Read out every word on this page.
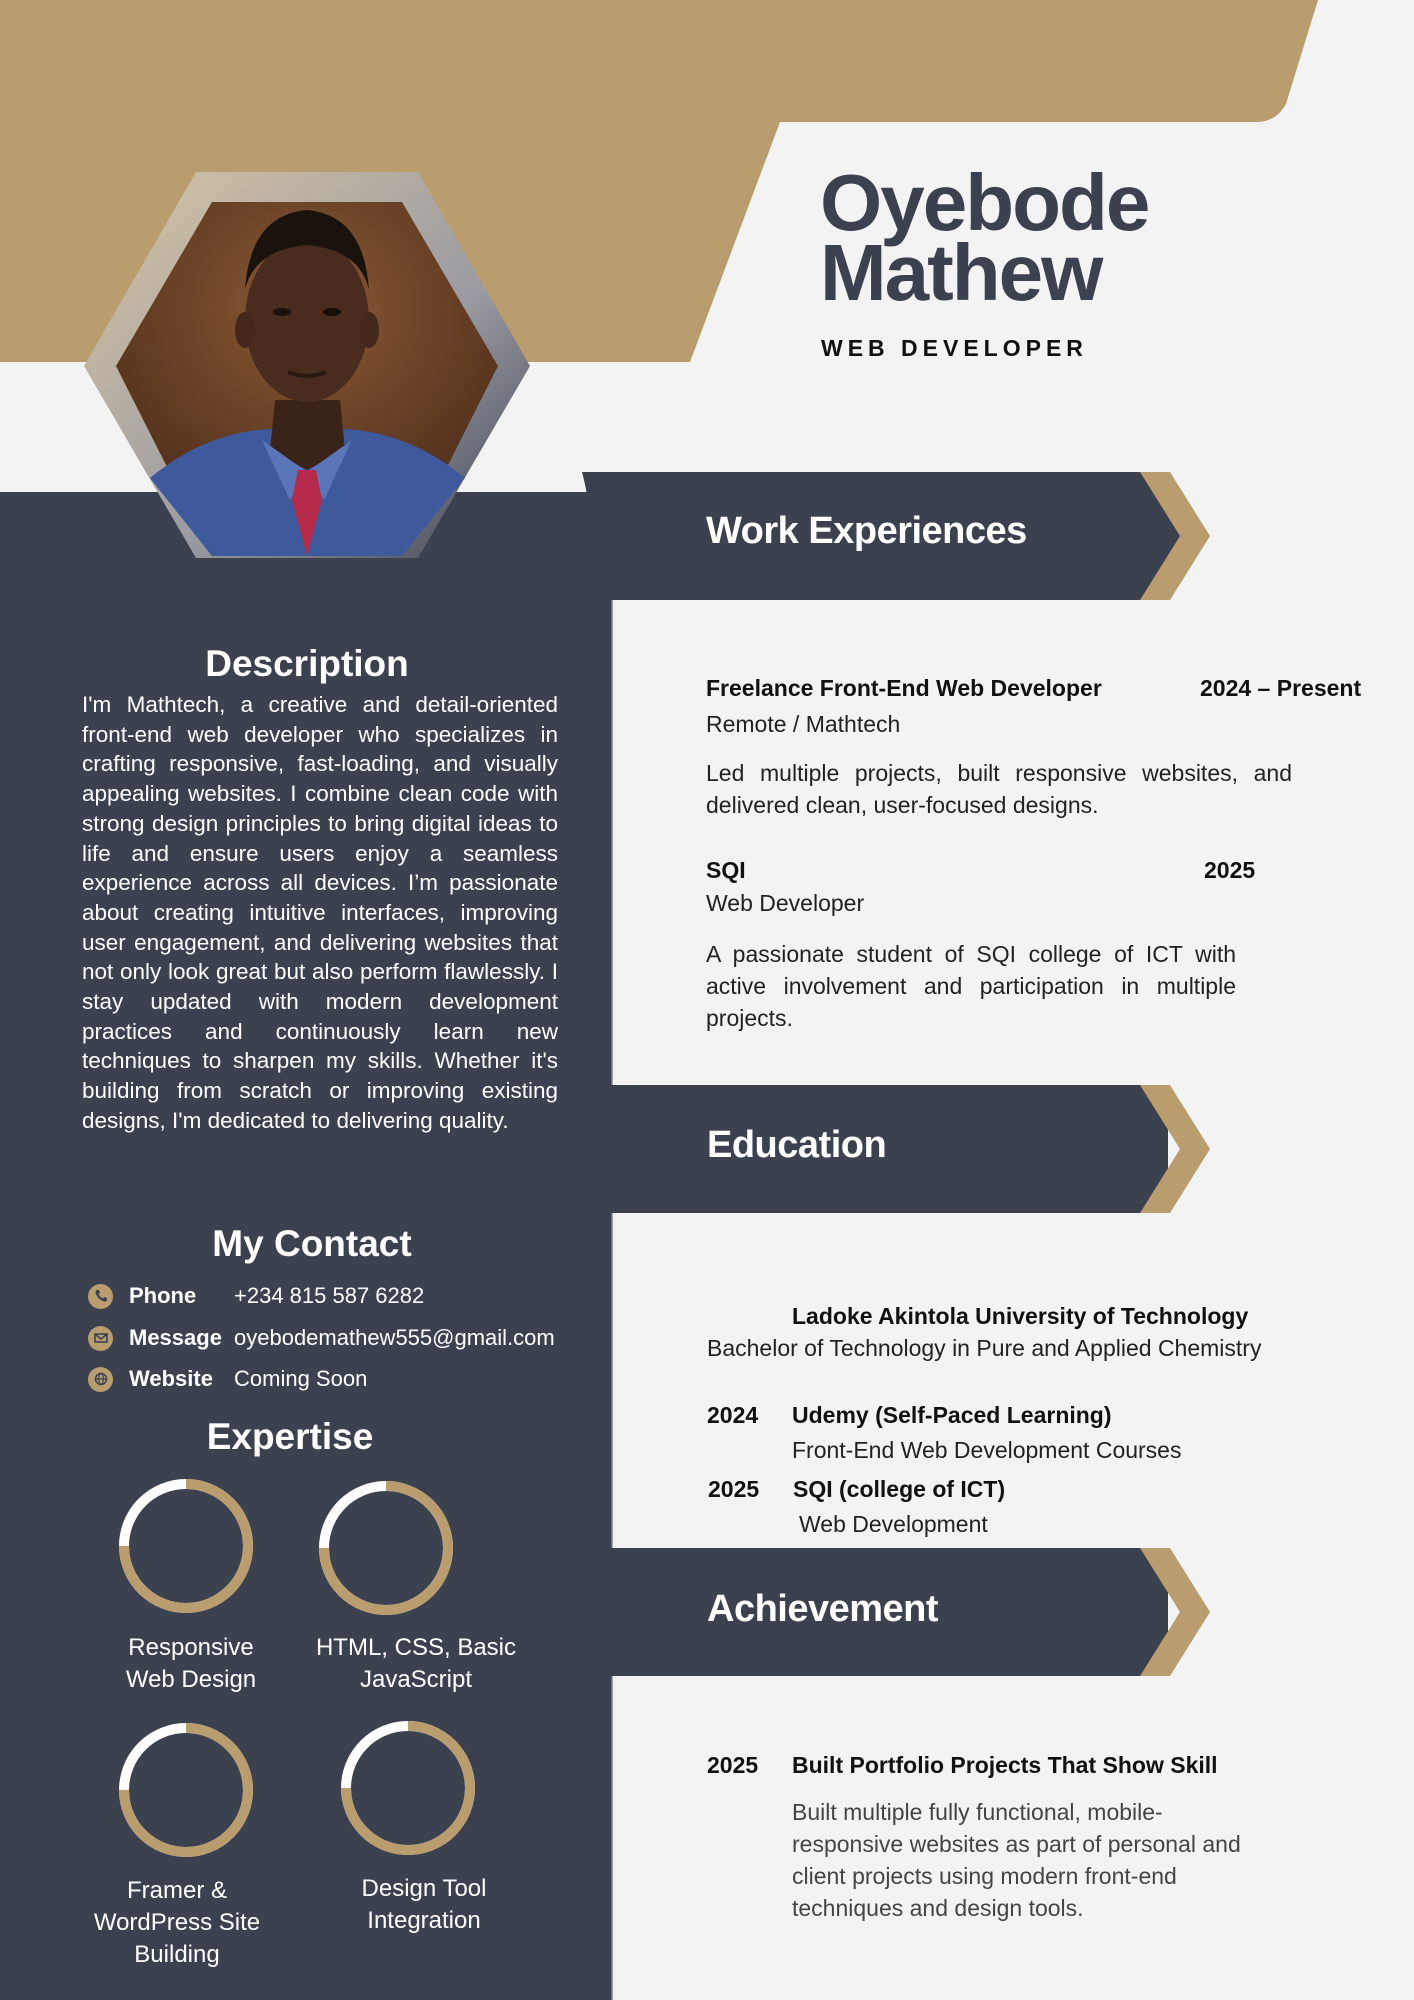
Oyebode
Mathew
WEB DEVELOPER
Description
I'm Mathtech, a creative and detail-oriented front-end web developer who specializes in crafting responsive, fast-loading, and visually appealing websites. I combine clean code with strong design principles to bring digital ideas to life and ensure users enjoy a seamless experience across all devices. I’m passionate about creating intuitive interfaces, improving user engagement, and delivering websites that not only look great but also perform flawlessly. I stay updated with modern development practices and continuously learn new techniques to sharpen my skills. Whether it's building from scratch or improving existing designs, I'm dedicated to delivering quality.
My Contact
Phone	+234 815 587 6282
Message oyebodemathew555@gmail.com
Website Coming Soon
Expertise
Responsive
Web Design
HTML, CSS, Basic
JavaScript
Framer &
WordPress Site
Building
Design Tool
Integration
Work Experiences
Freelance Front-End Web Developer	2024 – Present
Remote / Mathtech
Led multiple projects, built responsive websites, and delivered clean, user-focused designs.
SQI	2025
Web Developer
A passionate student of SQI college of ICT with active involvement and participation in multiple projects.
Education
Ladoke Akintola University of Technology
Bachelor of Technology in Pure and Applied Chemistry
2024 Udemy (Self-Paced Learning)
Front-End Web Development Courses
2025 SQI (college of ICT)
Web Development
Achievement
2025 Built Portfolio Projects That Show Skill
Built multiple fully functional, mobile-responsive websites as part of personal and client projects using modern front-end techniques and design tools.
